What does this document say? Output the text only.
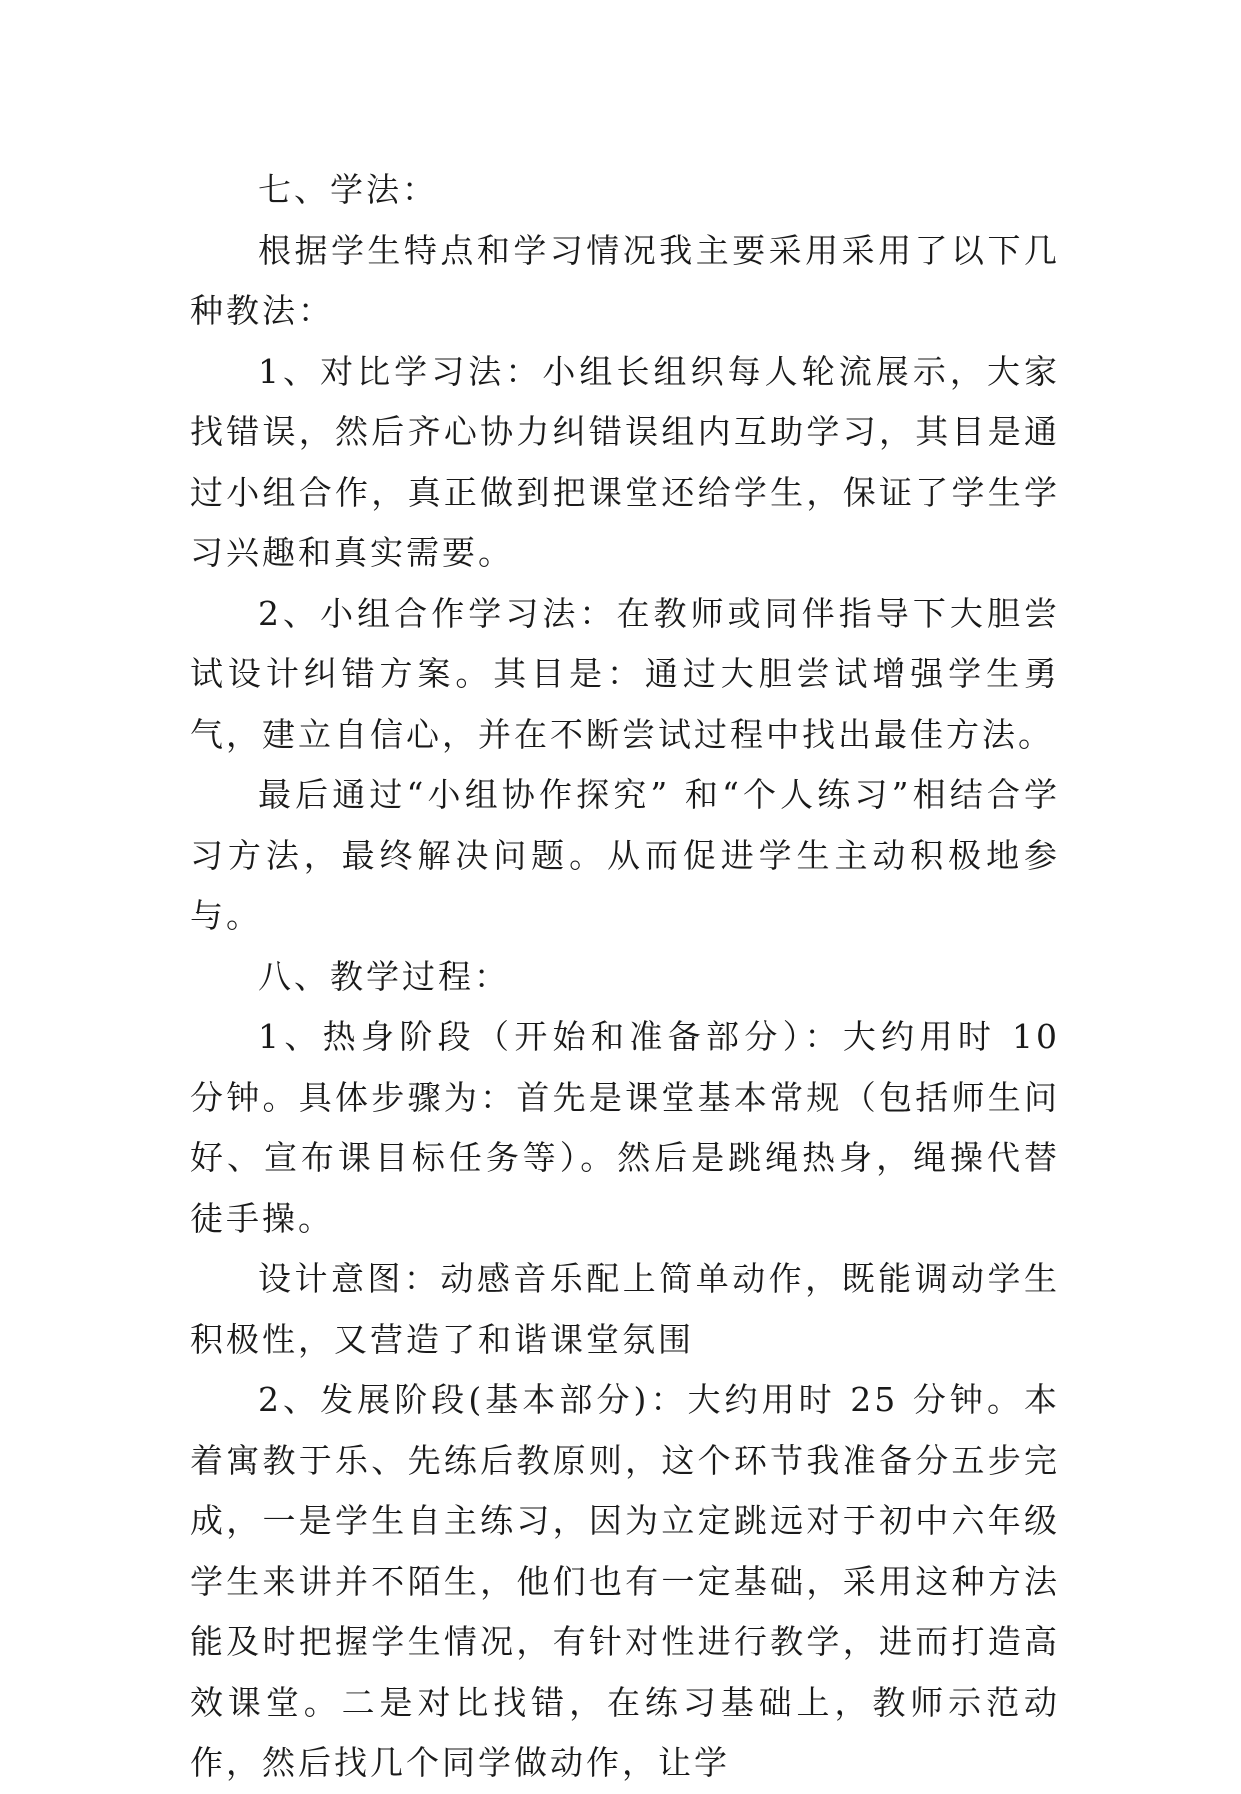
七、学法：

根据学生特点和学习情况我主要采用采用了以下几种教法：

1、对比学习法：小组长组织每人轮流展示，大家找错误，然后齐心协力纠错误组内互助学习，其目是通过小组合作，真正做到把课堂还给学生，保证了学生学习兴趣和真实需要。

2、小组合作学习法：在教师或同伴指导下大胆尝试设计纠错方案。其目是：通过大胆尝试增强学生勇气，建立自信心，并在不断尝试过程中找出最佳方法。

最后通过“小组协作探究” 和“个人练习”相结合学习方法，最终解决问题。从而促进学生主动积极地参与。

八、教学过程：

1、热身阶段（开始和准备部分）：大约用时 10 分钟。具体步骤为：首先是课堂基本常规（包括师生问好、宣布课目标任务等）。然后是跳绳热身，绳操代替徒手操。

设计意图：动感音乐配上简单动作，既能调动学生积极性，又营造了和谐课堂氛围

2、发展阶段(基本部分)：大约用时 25 分钟。本着寓教于乐、先练后教原则，这个环节我准备分五步完成，一是学生自主练习，因为立定跳远对于初中六年级学生来讲并不陌生，他们也有一定基础，采用这种方法能及时把握学生情况，有针对性进行教学，进而打造高效课堂。二是对比找错，在练习基础上，教师示范动作，然后找几个同学做动作，让学
